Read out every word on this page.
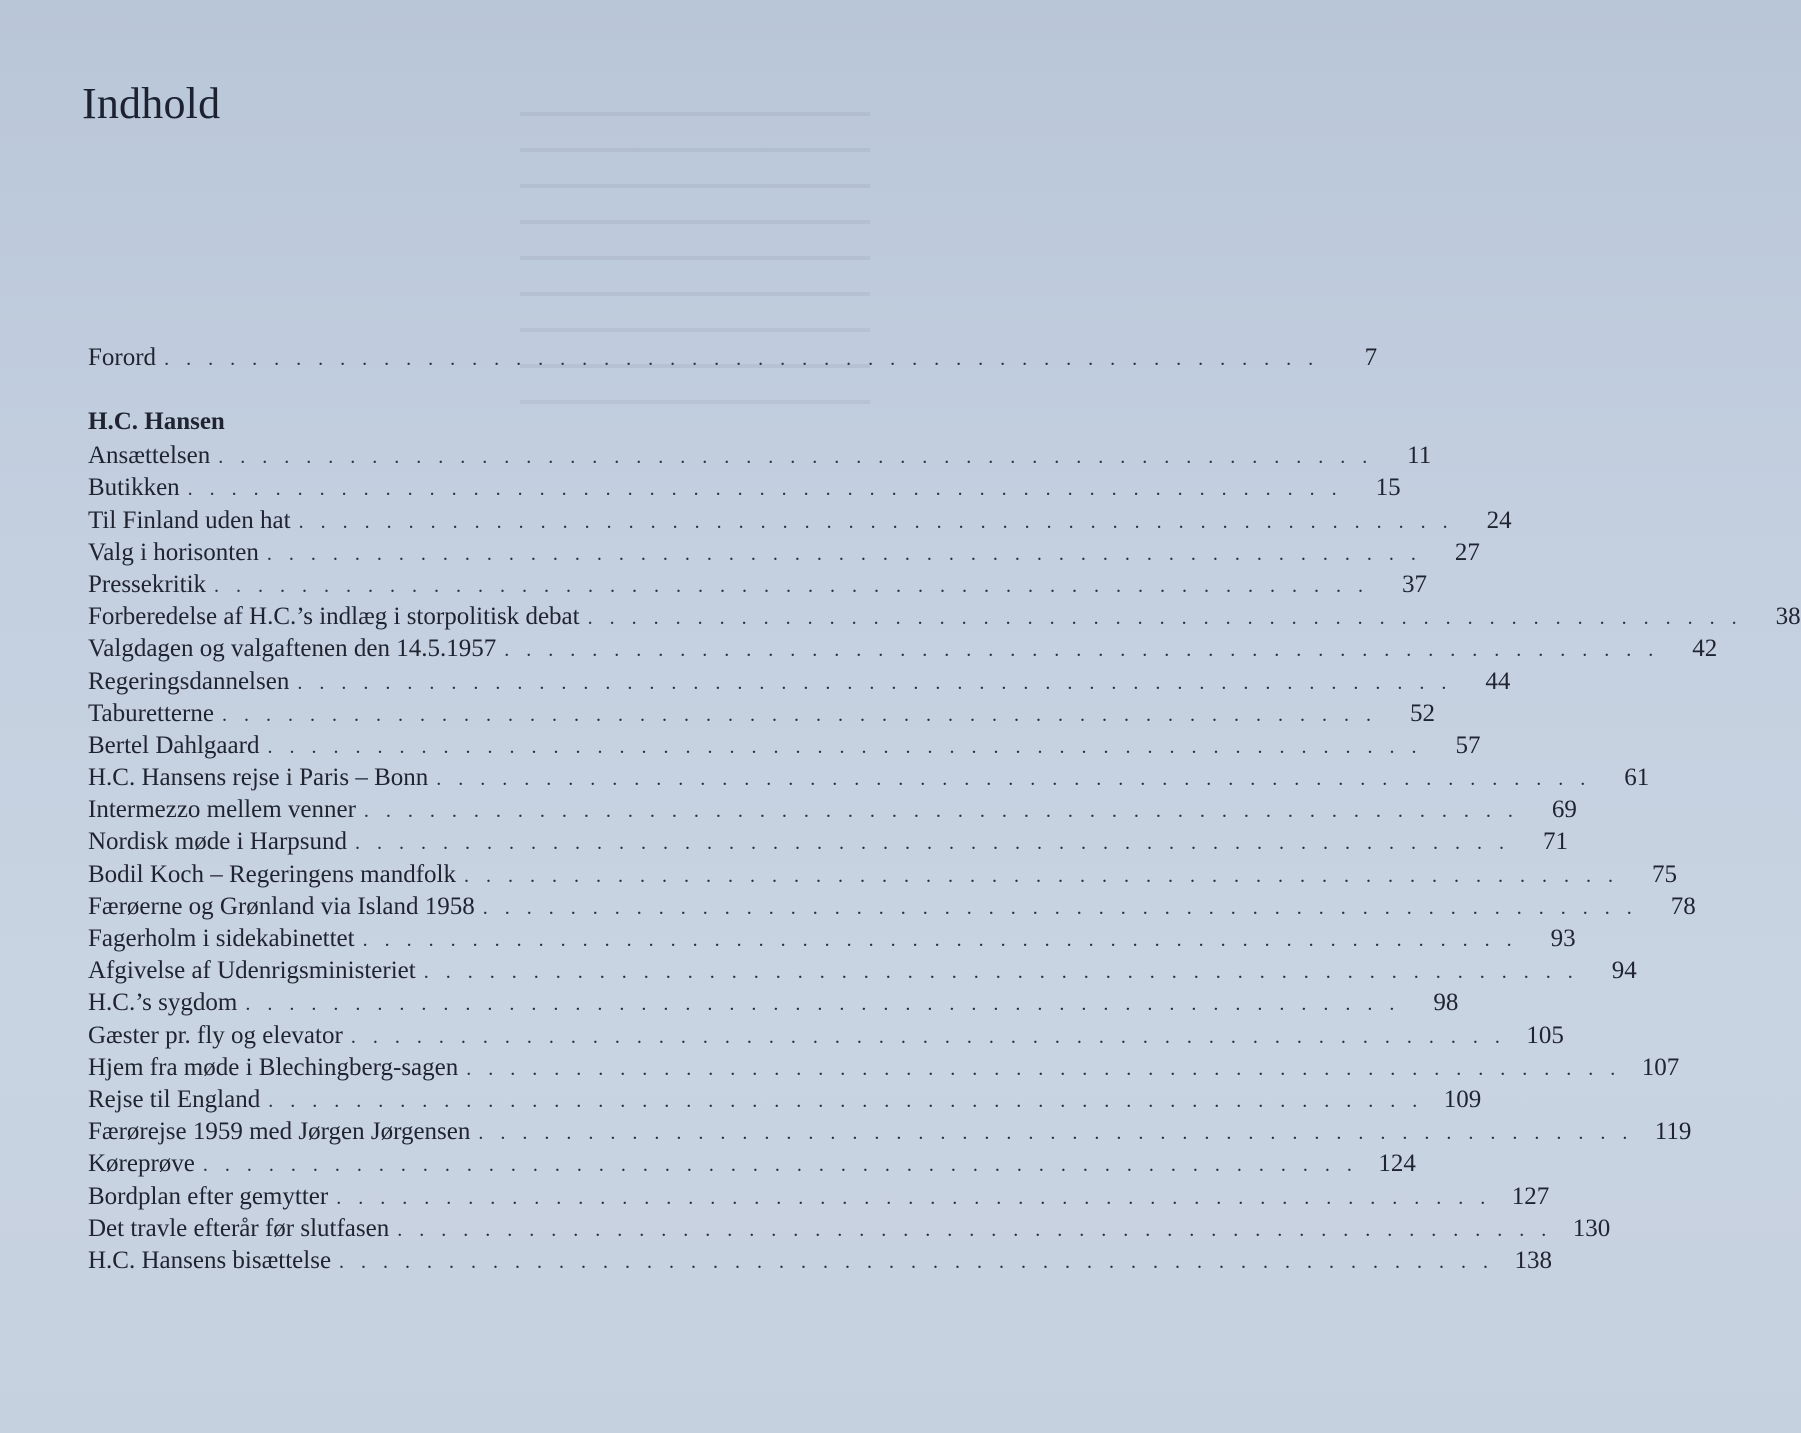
Indhold
Forord . . . . . . . . . . . . . . . . . . . . . . . . . . . . . . . . . . . . . . . . . . . . . . . . . . . . .	7
H.C. Hansen
Ansættelsen . . . . . . . . . . . . . . . . . . . . . . . . . . . . . . . . . . . . . . . . . . . . . . . . . . . . .	11
Butikken . . . . . . . . . . . . . . . . . . . . . . . . . . . . . . . . . . . . . . . . . . . . . . . . . . . . .	15
Til Finland uden hat . . . . . . . . . . . . . . . . . . . . . . . . . . . . . . . . . . . . . . . . . . . . . . . . . . . . .	24
Valg i horisonten . . . . . . . . . . . . . . . . . . . . . . . . . . . . . . . . . . . . . . . . . . . . . . . . . . . . .	27
Pressekritik . . . . . . . . . . . . . . . . . . . . . . . . . . . . . . . . . . . . . . . . . . . . . . . . . . . . .	37
Forberedelse af H.C.’s indlæg i storpolitisk debat . . . . . . . . . . . . . . . . . . . . . . . . . . . . . . . . . . . . . . . . . . . . . . . . . . . . .	38
Valgdagen og valgaftenen den 14.5.1957 . . . . . . . . . . . . . . . . . . . . . . . . . . . . . . . . . . . . . . . . . . . . . . . . . . . . .	42
Regeringsdannelsen . . . . . . . . . . . . . . . . . . . . . . . . . . . . . . . . . . . . . . . . . . . . . . . . . . . . .	44
Taburetterne . . . . . . . . . . . . . . . . . . . . . . . . . . . . . . . . . . . . . . . . . . . . . . . . . . . . .	52
Bertel Dahlgaard . . . . . . . . . . . . . . . . . . . . . . . . . . . . . . . . . . . . . . . . . . . . . . . . . . . . .	57
H.C. Hansens rejse i Paris – Bonn . . . . . . . . . . . . . . . . . . . . . . . . . . . . . . . . . . . . . . . . . . . . . . . . . . . . .	61
Intermezzo mellem venner . . . . . . . . . . . . . . . . . . . . . . . . . . . . . . . . . . . . . . . . . . . . . . . . . . . . .	69
Nordisk møde i Harpsund . . . . . . . . . . . . . . . . . . . . . . . . . . . . . . . . . . . . . . . . . . . . . . . . . . . . .	71
Bodil Koch – Regeringens mandfolk . . . . . . . . . . . . . . . . . . . . . . . . . . . . . . . . . . . . . . . . . . . . . . . . . . . . .	75
Færøerne og Grønland via Island 1958 . . . . . . . . . . . . . . . . . . . . . . . . . . . . . . . . . . . . . . . . . . . . . . . . . . . . .	78
Fagerholm i sidekabinettet . . . . . . . . . . . . . . . . . . . . . . . . . . . . . . . . . . . . . . . . . . . . . . . . . . . . .	93
Afgivelse af Udenrigsministeriet . . . . . . . . . . . . . . . . . . . . . . . . . . . . . . . . . . . . . . . . . . . . . . . . . . . . .	94
H.C.’s sygdom . . . . . . . . . . . . . . . . . . . . . . . . . . . . . . . . . . . . . . . . . . . . . . . . . . . . .	98
Gæster pr. fly og elevator . . . . . . . . . . . . . . . . . . . . . . . . . . . . . . . . . . . . . . . . . . . . . . . . . . . . . 105
Hjem fra møde i Blechingberg-sagen . . . . . . . . . . . . . . . . . . . . . . . . . . . . . . . . . . . . . . . . . . . . . . . . . . . . . 107
Rejse til England . . . . . . . . . . . . . . . . . . . . . . . . . . . . . . . . . . . . . . . . . . . . . . . . . . . . . 109
Færørejse 1959 med Jørgen Jørgensen . . . . . . . . . . . . . . . . . . . . . . . . . . . . . . . . . . . . . . . . . . . . . . . . . . . . . 119
Køreprøve . . . . . . . . . . . . . . . . . . . . . . . . . . . . . . . . . . . . . . . . . . . . . . . . . . . . . 124
Bordplan efter gemytter . . . . . . . . . . . . . . . . . . . . . . . . . . . . . . . . . . . . . . . . . . . . . . . . . . . . . 127
Det travle efterår før slutfasen . . . . . . . . . . . . . . . . . . . . . . . . . . . . . . . . . . . . . . . . . . . . . . . . . . . . . 130
H.C. Hansens bisættelse . . . . . . . . . . . . . . . . . . . . . . . . . . . . . . . . . . . . . . . . . . . . . . . . . . . . . 138
